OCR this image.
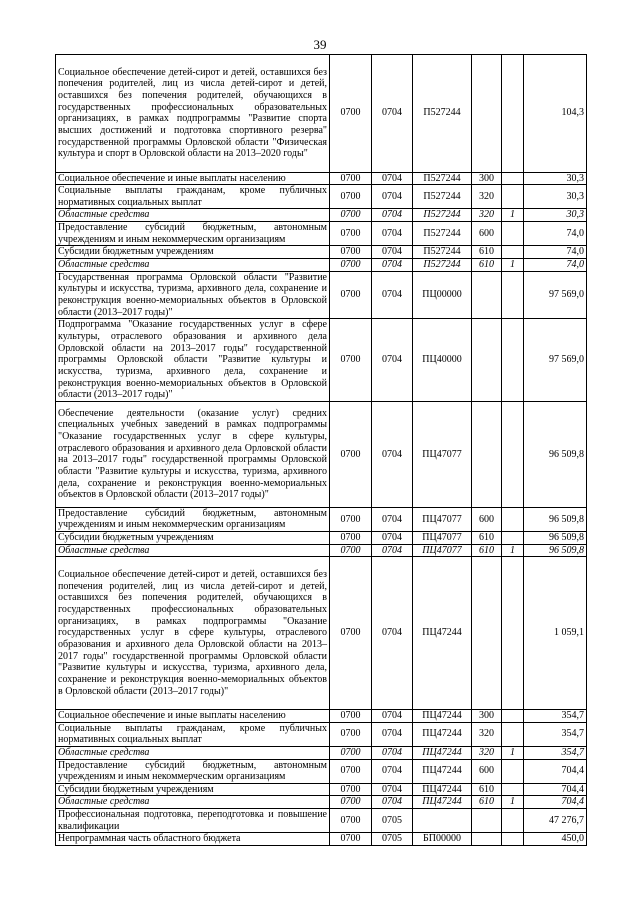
39
Социальное обеспечение детей-сирот и детей, оставшихся без попечения родителей, лиц из числа детей-сирот и детей, оставшихся без попечения родителей, обучающихся в государственных профессиональных образовательных организациях, в рамках подпрограммы "Развитие спорта высших достижений и подготовка спортивного резерва" государственной программы Орловской области "Физическая культура и спорт в Орловской области на 2013–2020 годы"	0700	0704	П527244			104,3
Социальное обеспечение и иные выплаты населению	0700	0704	П527244	300		30,3
Социальные выплаты гражданам, кроме публичных нормативных социальных выплат	0700	0704	П527244	320		30,3
Областные средства	0700	0704	П527244	320	1	30,3
Предоставление субсидий бюджетным, автономным учреждениям и иным некоммерческим организациям	0700	0704	П527244	600		74,0
Субсидии бюджетным учреждениям	0700	0704	П527244	610		74,0
Областные средства	0700	0704	П527244	610	1	74,0
Государственная программа Орловской области "Развитие культуры и искусства, туризма, архивного дела, сохранение и реконструкция военно-мемориальных объектов в Орловской области (2013–2017 годы)"	0700	0704	ПЦ00000			97 569,0
Подпрограмма "Оказание государственных услуг в сфере культуры, отраслевого образования и архивного дела Орловской области на 2013–2017 годы" государственной программы Орловской области "Развитие культуры и искусства, туризма, архивного дела, сохранение и реконструкция военно-мемориальных объектов в Орловской области (2013–2017 годы)"	0700	0704	ПЦ40000			97 569,0
Обеспечение деятельности (оказание услуг) средних специальных учебных заведений в рамках подпрограммы "Оказание государственных услуг в сфере культуры, отраслевого образования и архивного дела Орловской области на 2013–2017 годы" государственной программы Орловской области "Развитие культуры и искусства, туризма, архивного дела, сохранение и реконструкция военно-мемориальных объектов в Орловской области (2013–2017 годы)"	0700	0704	ПЦ47077			96 509,8
Предоставление субсидий бюджетным, автономным учреждениям и иным некоммерческим организациям	0700	0704	ПЦ47077	600		96 509,8
Субсидии бюджетным учреждениям	0700	0704	ПЦ47077	610		96 509,8
Областные средства	0700	0704	ПЦ47077	610	1	96 509,8
Социальное обеспечение детей-сирот и детей, оставшихся без попечения родителей, лиц из числа детей-сирот и детей, оставшихся без попечения родителей, обучающихся в государственных профессиональных образовательных организациях, в рамках подпрограммы "Оказание государственных услуг в сфере культуры, отраслевого образования и архивного дела Орловской области на 2013–2017 годы" государственной программы Орловской области "Развитие культуры и искусства, туризма, архивного дела, сохранение и реконструкция военно-мемориальных объектов в Орловской области (2013–2017 годы)"	0700	0704	ПЦ47244			1 059,1
Социальное обеспечение и иные выплаты населению	0700	0704	ПЦ47244	300		354,7
Социальные выплаты гражданам, кроме публичных нормативных социальных выплат	0700	0704	ПЦ47244	320		354,7
Областные средства	0700	0704	ПЦ47244	320	1	354,7
Предоставление субсидий бюджетным, автономным учреждениям и иным некоммерческим организациям	0700	0704	ПЦ47244	600		704,4
Субсидии бюджетным учреждениям	0700	0704	ПЦ47244	610		704,4
Областные средства	0700	0704	ПЦ47244	610	1	704,4
Профессиональная подготовка, переподготовка и повышение квалификации	0700	0705				47 276,7
Непрограммная часть областного бюджета	0700	0705	БП00000			450,0
